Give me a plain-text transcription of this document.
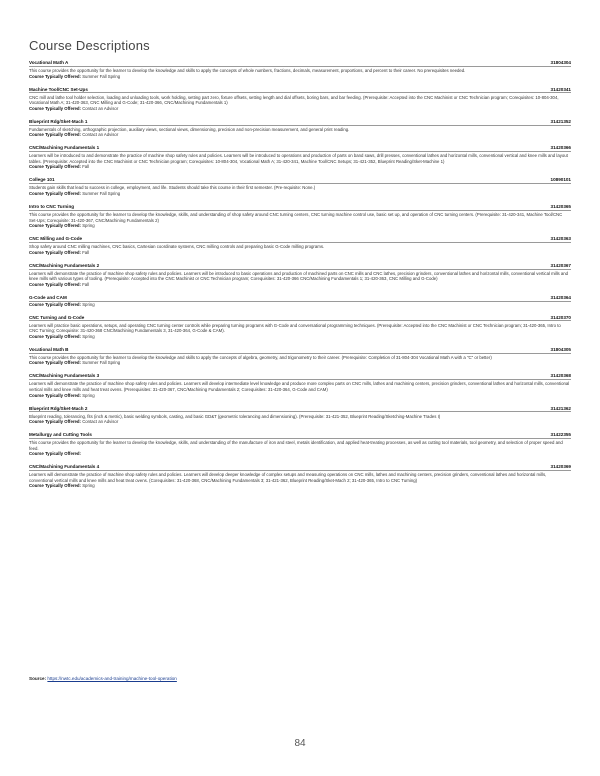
Course Descriptions
Vocational Math A	31804304
This course provides the opportunity for the learner to develop the knowledge and skills to apply the concepts of whole numbers, fractions, decimals, measurement, proportions, and percent to their career. No prerequisites needed.
Course Typically Offered: Summer Fall Spring
Machine Tool/CNC Set-Ups	31420341
CNC mill and lathe tool holder selection, loading and unloading tools, work holding, setting part zero, fixture offsets, setting length and dial offsets, boring bars, and bar feeding. (Prerequisite: Accepted into the CNC Machinist or CNC Technician program; Corequisites: 10-804-304, Vocational Math A; 31-420-363, CNC Milling and G-Code; 31-420-366, CNC/Machining Fundamentals 1)
Course Typically Offered: Contact an Advisor
Blueprint Rdg/Sket-Mach 1	31421352
Fundamentals of sketching, orthographic projection, auxiliary views, sectional views, dimensioning, precision and non-precision measurement, and general print reading.
Course Typically Offered: Contact an Advisor
CNC/Machining Fundamentals 1	31420366
Learners will be introduced to and demonstrate the practice of machine shop safety rules and policies. Learners will be introduced to operations and production of parts on band saws, drill presses, conventional lathes and horizontal mills, conventional vertical and knee mills and layout tables. (Prerequisite: Accepted into the CNC Machinist or CNC Technician program; Corequisites: 10-804-304, Vocational Math A; 31-420-341, Machine Tool/CNC Setups; 31-421-352, Blueprint Reading/Sket-Machine 1)
Course Typically Offered: Fall
College 101	10890101
Students gain skills that lead to success in college, employment, and life. Students should take this course in their first semester. (Pre-requisite: None.)
Course Typically Offered: Summer Fall Spring
Intro to CNC Turning	31420365
This course provides the opportunity for the learner to develop the knowledge, skills, and understanding of shop safety around CNC turning centers, CNC turning machine control use, basic set up, and operation of CNC turning centers. (Prerequisite: 31-420-341, Machine Tool/CNC Set-Ups; Corequisite: 31-420-367, CNC/Machining Fundamentals 2)
Course Typically Offered: Spring
CNC Milling and G-Code	31420363
Shop safety around CNC milling machines, CNC basics, Cartesian coordinate systems, CNC milling controls and preparing basic G-Code milling programs.
Course Typically Offered: Fall
CNC/Machining Fundamentals 2	31420367
Learners will demonstrate the practice of machine shop safety rules and policies. Learners will be introduced to basic operations and production of machined parts on CNC mills and CNC lathes, precision grinders, conventional lathes and horizontal mills, conventional vertical mills and knee mills with various types of tooling. (Prerequisite: Accepted into the CNC Machinist or CNC Technician program; Corequisites: 31-420-366 CNC/Machining Fundamentals 1; 31-420-363, CNC Milling and G-Code)
Course Typically Offered: Fall
G-Code and CAM	31420364
Course Typically Offered: Spring
CNC Turning and G-Code	31420370
Learners will practice basic operations, setups, and operating CNC turning center controls while preparing turning programs with G-Code and conversational programming techniques. (Prerequisite: Accepted into the CNC Machinist or CNC Technician program; 31-420-365, Intro to CNC Turning; Corequisite: 31-420-368 CNC/Machining Fundamentals 3, 31-420-364, G-Code & CAM).
Course Typically Offered: Spring
Vocational Math B	31804305
This course provides the opportunity for the learner to develop the knowledge and skills to apply the concepts of algebra, geometry, and trigonometry to their career. (Prerequisite: Completion of 31-804-304 Vocational Math A with a "C" or better)
Course Typically Offered: Summer Fall Spring
CNC/Machining Fundamentals 3	31420368
Learners will demonstrate the practice of machine shop safety rules and policies. Learners will develop intermediate level knowledge and produce more complex parts on CNC mills, lathes and machining centers, precision grinders, conventional lathes and horizontal mills, conventional vertical mills and knee mills and heat treat ovens. (Prerequisites: 31-420-367, CNC/Machining Fundamentals 2; Corequisites: 31-420-364, G-Code and CAM)
Course Typically Offered: Spring
Blueprint Rdg/Sket-Mach 2	31421362
Blueprint reading, tolerancing, fits (inch & metric), basic welding symbols, casting, and basic GD&T (geometric tolerancing and dimensioning). (Prerequisite: 31-421-352, Blueprint Reading/Sketching-Machine Trades I)
Course Typically Offered: Contact an Advisor
Metallurgy and Cutting Tools	31422355
This course provides the opportunity for the learner to develop the knowledge, skills, and understanding of the manufacture of iron and steel, metals identification, and applied heat-treating processes, as well as cutting tool materials, tool geometry, and selection of proper speed and feed.
Course Typically Offered:
CNC/Machining Fundamentals 4	31420369
Learners will demonstrate the practice of machine shop safety rules and policies. Learners will develop deeper knowledge of complex setups and measuring operations on CNC mills, lathes and machining centers, precision grinders, conventional lathes and horizontal mills, conventional vertical mills and knee mills and heat treat ovens. (Corequisites: 31-420-368, CNC/Machining Fundamentals 3; 31-421-362, Blueprint Reading/Sket-Mach 2; 31-420-365, Intro to CNC Turning)
Course Typically Offered: Spring
Source: https://nwtc.edu/academics-and-training/machine-tool-operation
84
